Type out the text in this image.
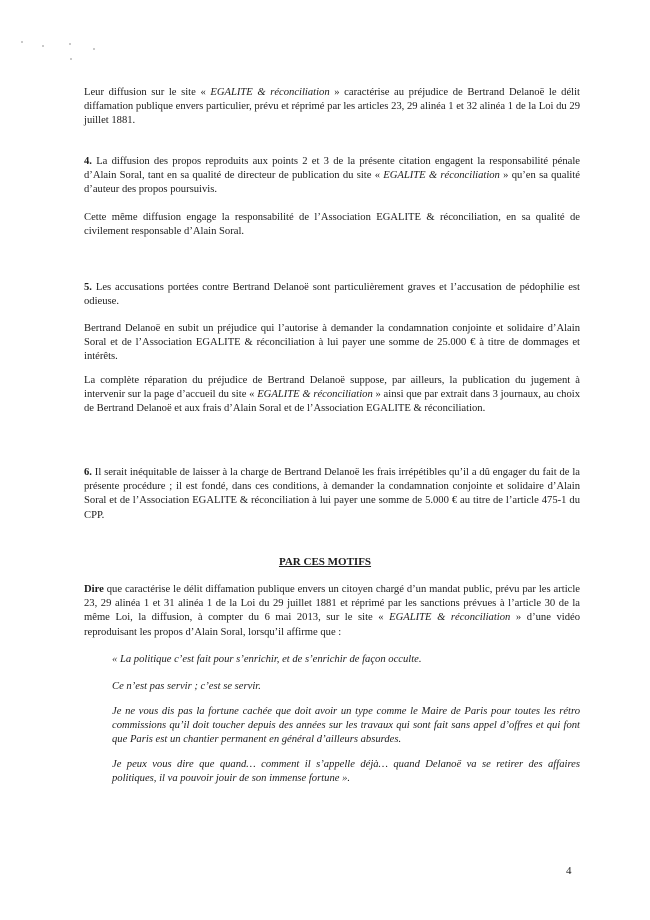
Leur diffusion sur le site « EGALITE & réconciliation » caractérise au préjudice de Bertrand Delanoë le délit diffamation publique envers particulier, prévu et réprimé par les articles 23, 29 alinéa 1 et 32 alinéa 1 de la Loi du 29 juillet 1881.

4. La diffusion des propos reproduits aux points 2 et 3 de la présente citation engagent la responsabilité pénale d’Alain Soral, tant en sa qualité de directeur de publication du site « EGALITE & réconciliation » qu’en sa qualité d’auteur des propos poursuivis.

Cette même diffusion engage la responsabilité de l’Association EGALITE & réconciliation, en sa qualité de civilement responsable d’Alain Soral.

5. Les accusations portées contre Bertrand Delanoë sont particulièrement graves et l’accusation de pédophilie est odieuse.

Bertrand Delanoë en subit un préjudice qui l’autorise à demander la condamnation conjointe et solidaire d’Alain Soral et de l’Association EGALITE & réconciliation à lui payer une somme de 25.000 € à titre de dommages et intérêts.

La complète réparation du préjudice de Bertrand Delanoë suppose, par ailleurs, la publication du jugement à intervenir sur la page d’accueil du site « EGALITE & réconciliation » ainsi que par extrait dans 3 journaux, au choix de Bertrand Delanoë et aux frais d’Alain Soral et de l’Association EGALITE & réconciliation.

6. Il serait inéquitable de laisser à la charge de Bertrand Delanoë les frais irrépétibles qu’il a dû engager du fait de la présente procédure ; il est fondé, dans ces conditions, à demander la condamnation conjointe et solidaire d’Alain Soral et de l’Association EGALITE & réconciliation à lui payer une somme de 5.000 € au titre de l’article 475-1 du CPP.

PAR CES MOTIFS

Dire que caractérise le délit diffamation publique envers un citoyen chargé d’un mandat public, prévu par les article 23, 29 alinéa 1 et 31 alinéa 1 de la Loi du 29 juillet 1881 et réprimé par les sanctions prévues à l’article 30 de la même Loi, la diffusion, à compter du 6 mai 2013, sur le site « EGALITE & réconciliation » d’une vidéo reproduisant les propos d’Alain Soral, lorsqu’il affirme que :

« La politique c’est fait pour s’enrichir, et de s’enrichir de façon occulte.

Ce n’est pas servir ; c’est se servir.

Je ne vous dis pas la fortune cachée que doit avoir un type comme le Maire de Paris pour toutes les rétro commissions qu’il doit toucher depuis des années sur les travaux qui sont fait sans appel d’offres et qui font que Paris est un chantier permanent en général d’ailleurs absurdes.

Je peux vous dire que quand… comment il s’appelle déjà… quand Delanoë va se retirer des affaires politiques, il va pouvoir jouir de son immense fortune ».

4
